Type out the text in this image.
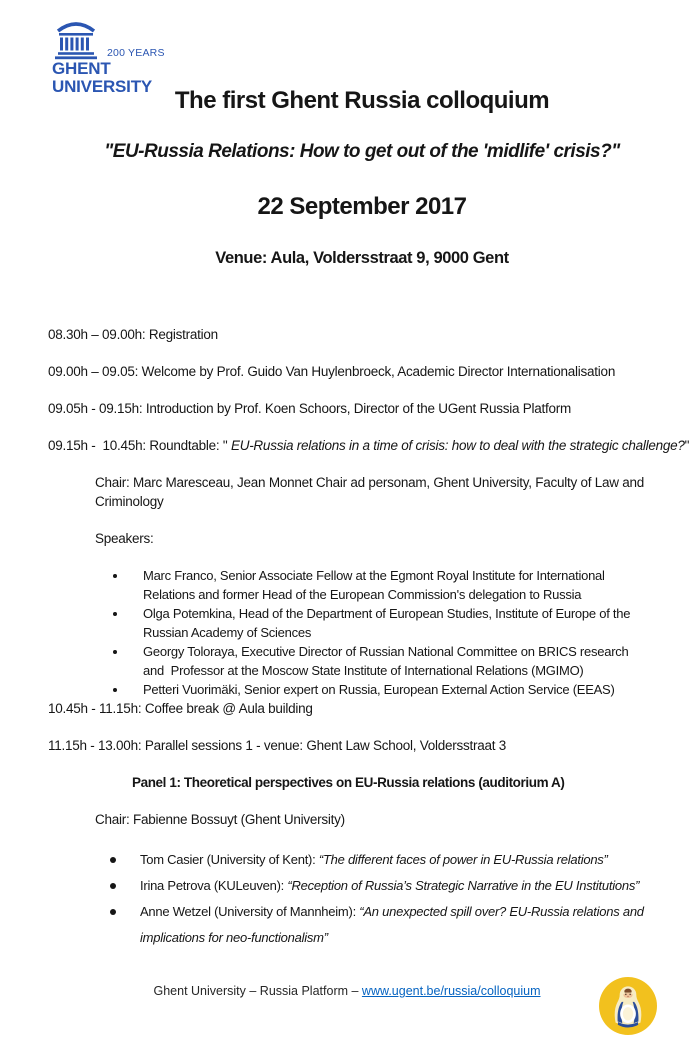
200 YEARS
GHENT
UNIVERSITY
The first Ghent Russia colloquium
"EU-Russia Relations: How to get out of the 'midlife' crisis?"
22 September 2017
Venue: Aula, Voldersstraat 9, 9000 Gent

08.30h – 09.00h: Registration

09.00h – 09.05: Welcome by Prof. Guido Van Huylenbroeck, Academic Director Internationalisation

09.05h - 09.15h: Introduction by Prof. Koen Schoors, Director of the UGent Russia Platform

09.15h -  10.45h: Roundtable: " EU-Russia relations in a time of crisis: how to deal with the strategic challenge?"

Chair: Marc Maresceau, Jean Monnet Chair ad personam, Ghent University, Faculty of Law and Criminology

Speakers:

Marc Franco, Senior Associate Fellow at the Egmont Royal Institute for International Relations and former Head of the European Commission's delegation to Russia
Olga Potemkina, Head of the Department of European Studies, Institute of Europe of the Russian Academy of Sciences
Georgy Toloraya, Executive Director of Russian National Committee on BRICS research and  Professor at the Moscow State Institute of International Relations (MGIMO)
Petteri Vuorimäki, Senior expert on Russia, European External Action Service (EEAS)

10.45h - 11.15h: Coffee break @ Aula building

11.15h - 13.00h: Parallel sessions 1 - venue: Ghent Law School, Voldersstraat 3

Panel 1: Theoretical perspectives on EU-Russia relations (auditorium A)

Chair: Fabienne Bossuyt (Ghent University)

Tom Casier (University of Kent): “The different faces of power in EU-Russia relations”
Irina Petrova (KULeuven): “Reception of Russia’s Strategic Narrative in the EU Institutions”
Anne Wetzel (University of Mannheim): “An unexpected spill over? EU-Russia relations and implications for neo-functionalism”
Ghent University – Russia Platform – www.ugent.be/russia/colloquium
